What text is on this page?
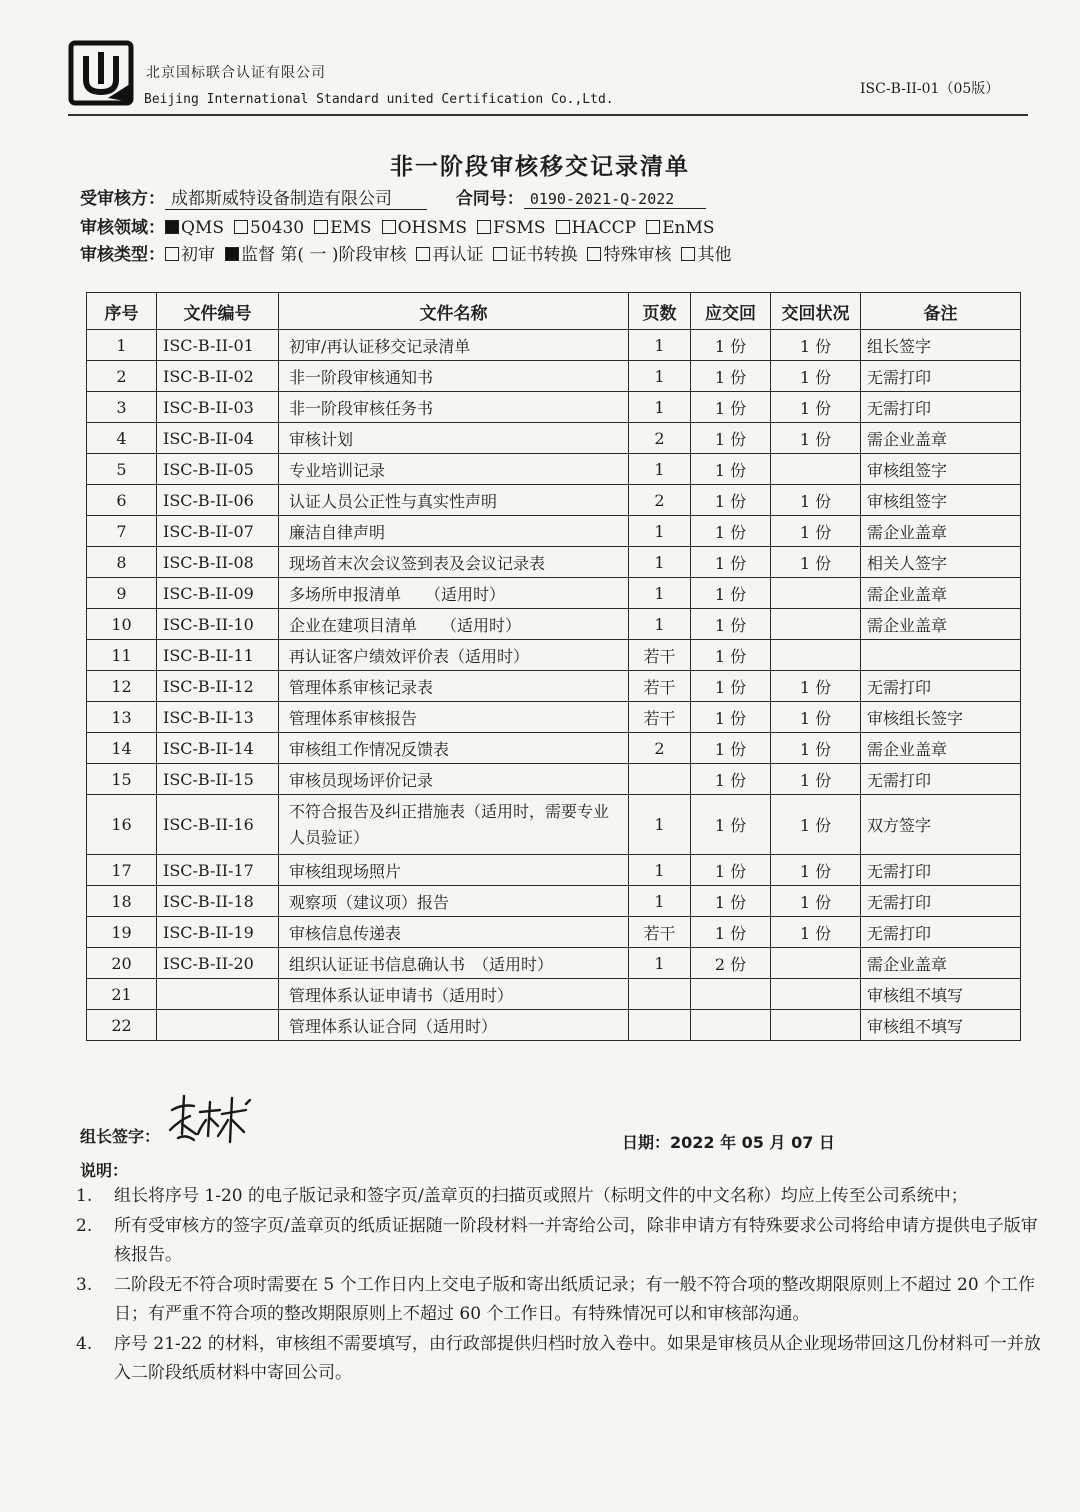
北京国标联合认证有限公司
Beijing International Standard united Certification Co.,Ltd.
ISC-B-II-01（05版）
非一阶段审核移交记录清单
受审核方： 成都斯威特设备制造有限公司	合同号： 0190-2021-Q-2022
审核领域： QMS 50430 EMS OHSMS FSMS HACCP EnMS
审核类型： 初审 监督 第( 一 )阶段审核 再认证 证书转换 特殊审核 其他
序号	文件编号	文件名称	页数	应交回	交回状况	备注
1	ISC-B-II-01	初审/再认证移交记录清单	1	1 份	1 份	组长签字
2	ISC-B-II-02	非一阶段审核通知书	1	1 份	1 份	无需打印
3	ISC-B-II-03	非一阶段审核任务书	1	1 份	1 份	无需打印
4	ISC-B-II-04	审核计划	2	1 份	1 份	需企业盖章
5	ISC-B-II-05	专业培训记录	1	1 份		审核组签字
6	ISC-B-II-06	认证人员公正性与真实性声明	2	1 份	1 份	审核组签字
7	ISC-B-II-07	廉洁自律声明	1	1 份	1 份	需企业盖章
8	ISC-B-II-08	现场首末次会议签到表及会议记录表	1	1 份	1 份	相关人签字
9	ISC-B-II-09	多场所申报清单　　（适用时）	1	1 份		需企业盖章
10	ISC-B-II-10	企业在建项目清单　　（适用时）	1	1 份		需企业盖章
11	ISC-B-II-11	再认证客户绩效评价表（适用时）	若干	1 份		
12	ISC-B-II-12	管理体系审核记录表	若干	1 份	1 份	无需打印
13	ISC-B-II-13	管理体系审核报告	若干	1 份	1 份	审核组长签字
14	ISC-B-II-14	审核组工作情况反馈表	2	1 份	1 份	需企业盖章
15	ISC-B-II-15	审核员现场评价记录		1 份	1 份	无需打印
16	ISC-B-II-16	不符合报告及纠正措施表（适用时，需要专业人员验证）	1	1 份	1 份	双方签字
17	ISC-B-II-17	审核组现场照片	1	1 份	1 份	无需打印
18	ISC-B-II-18	观察项（建议项）报告	1	1 份	1 份	无需打印
19	ISC-B-II-19	审核信息传递表	若干	1 份	1 份	无需打印
20	ISC-B-II-20	组织认证证书信息确认书　（适用时）	1	2 份		需企业盖章
21		管理体系认证申请书（适用时）				审核组不填写
22		管理体系认证合同（适用时）				审核组不填写
组长签字：	日期：2022 年 05 月 07 日
说明：
1.	组长将序号 1-20 的电子版记录和签字页/盖章页的扫描页或照片（标明文件的中文名称）均应上传至公司系统中；
2.	所有受审核方的签字页/盖章页的纸质证据随一阶段材料一并寄给公司，除非申请方有特殊要求公司将给申请方提供电子版审核报告。
3.	二阶段无不符合项时需要在 5 个工作日内上交电子版和寄出纸质记录；有一般不符合项的整改期限原则上不超过 20 个工作日；有严重不符合项的整改期限原则上不超过 60 个工作日。有特殊情况可以和审核部沟通。
4.	序号 21-22 的材料，审核组不需要填写，由行政部提供归档时放入卷中。如果是审核员从企业现场带回这几份材料可一并放入二阶段纸质材料中寄回公司。
